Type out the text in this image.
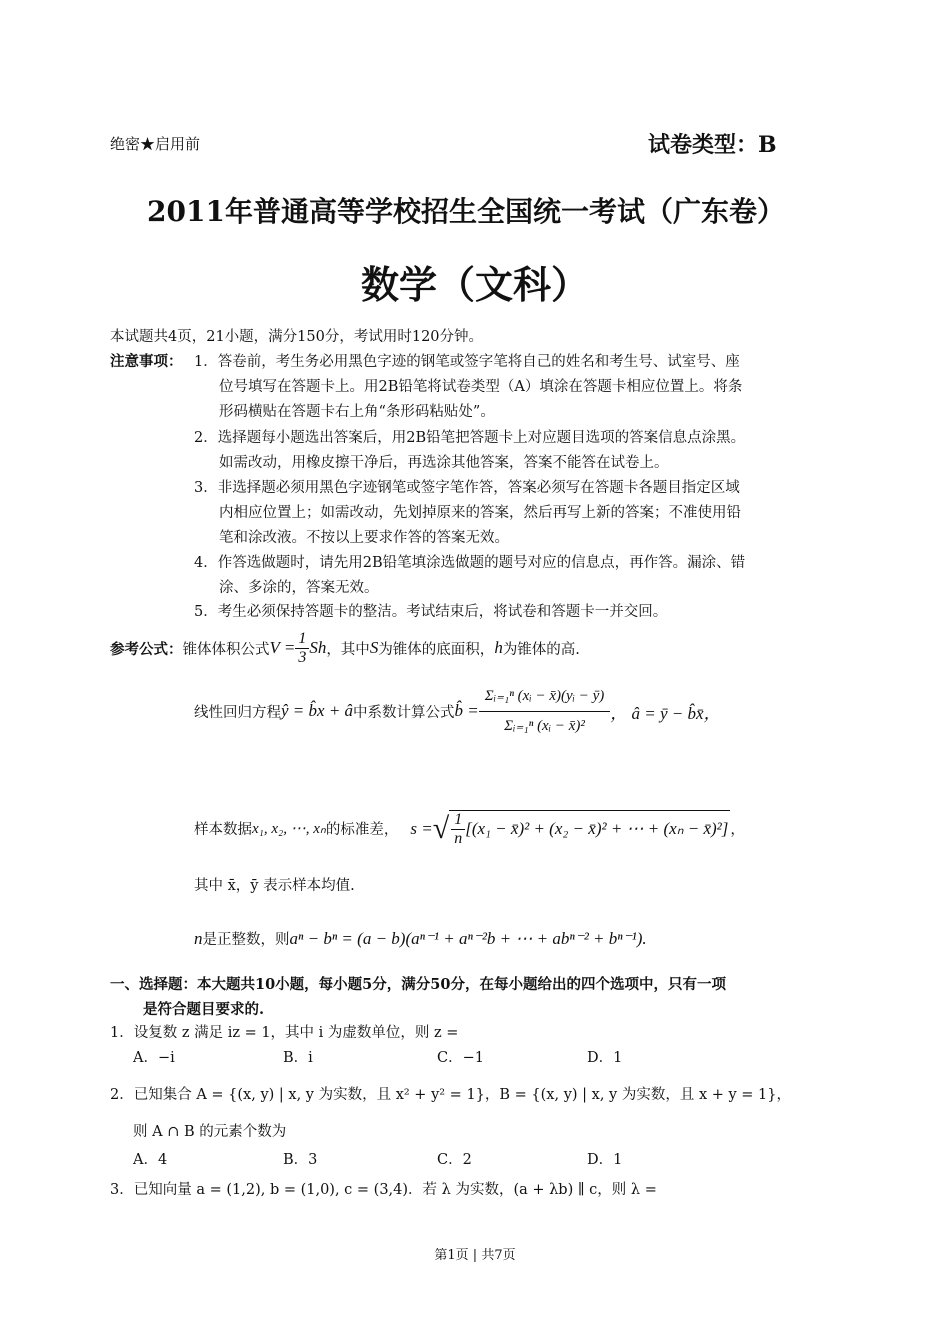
绝密★启用前	试卷类型：B
2011年普通高等学校招生全国统一考试（广东卷）
数学（文科）
本试题共4页，21小题，满分150分，考试用时120分钟。
注意事项： 1．答卷前，考生务必用黑色字迹的钢笔或签字笔将自己的姓名和考生号、试室号、座
位号填写在答题卡上。用2B铅笔将试卷类型（A）填涂在答题卡相应位置上。将条
形码横贴在答题卡右上角“条形码粘贴处”。
2．选择题每小题选出答案后，用2B铅笔把答题卡上对应题目选项的答案信息点涂黑。
如需改动，用橡皮擦干净后，再选涂其他答案，答案不能答在试卷上。
3．非选择题必须用黑色字迹钢笔或签字笔作答，答案必须写在答题卡各题目指定区域
内相应位置上；如需改动，先划掉原来的答案，然后再写上新的答案；不准使用铅
笔和涂改液。不按以上要求作答的答案无效。
4．作答选做题时，请先用2B铅笔填涂选做题的题号对应的信息点，再作答。漏涂、错
涂、多涂的，答案无效。
5．考生必须保持答题卡的整洁。考试结束后，将试卷和答题卡一并交回。
参考公式： 锥体体积公式 $V = \frac{1}{3}$ Sh ，其中 S 为锥体的底面积， h 为锥体的高.
线性回归方程 ŷ = b̂x + â 中系数计算公式 b̂ = $\frac{\text{Σᵢ₌₁ⁿ (xᵢ − x̄)(yᵢ − ȳ)}}{\text{Σᵢ₌₁ⁿ (xᵢ − x̄)²}}$ ， â = ȳ − b̂x̄，
样本数据 x₁, x₂, ⋯, xₙ 的标准差， s = √ $\frac{1}{n} [(x_1$ − x̄)² + (x₂ − x̄)² + ⋯ + (xₙ − x̄)²] ，
其中 x̄，ȳ 表示样本均值.
n 是正整数，则 aⁿ − bⁿ = (a − b)(aⁿ⁻¹ + aⁿ⁻²b + ⋯ + abⁿ⁻² + bⁿ⁻¹).
一、选择题：本大题共10小题，每小题5分，满分50分，在每小题给出的四个选项中，只有一项
是符合题目要求的.
1．设复数 z 满足 iz = 1，其中 i 为虚数单位，则 z =
A．−i	B．i	C．−1	D．1
2．已知集合 A = {(x, y) | x, y 为实数，且 x² + y² = 1}，B = {(x, y) | x, y 为实数，且 x + y = 1}，
则 A ∩ B 的元素个数为
A．4	B．3	C．2	D．1
3．已知向量 a = (1,2), b = (1,0), c = (3,4)．若 λ 为实数，(a + λb) ∥ c，则 λ =
第1页 | 共7页
